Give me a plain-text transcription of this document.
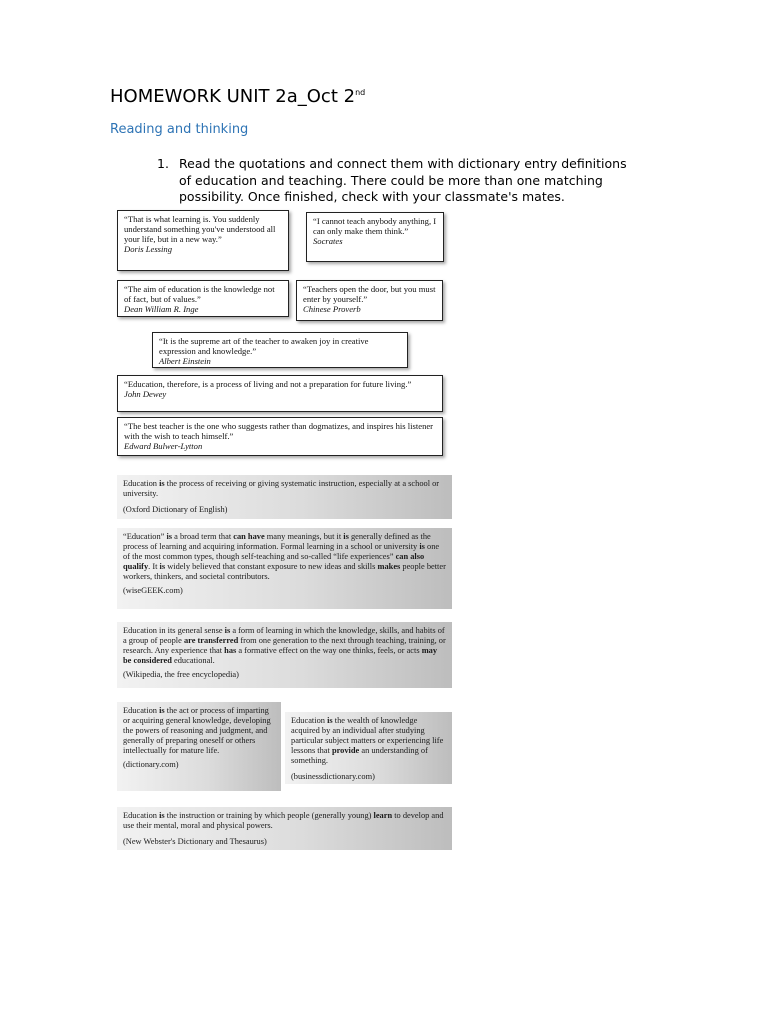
HOMEWORK UNIT 2a_Oct 2nd
Reading and thinking
1. Read the quotations and connect them with dictionary entry definitions of education and teaching. There could be more than one matching possibility. Once finished, check with your classmate's mates.
“That is what learning is. You suddenly understand something you've understood all your life, but in a new way.”
Doris Lessing
“I cannot teach anybody anything, I can only make them think.”
Socrates
“The aim of education is the knowledge not of fact, but of values.”
Dean William R. Inge
“Teachers open the door, but you must enter by yourself.”
Chinese Proverb
“It is the supreme art of the teacher to awaken joy in creative expression and knowledge.”
Albert Einstein
“Education, therefore, is a process of living and not a preparation for future living.”
John Dewey
“The best teacher is the one who suggests rather than dogmatizes, and inspires his listener with the wish to teach himself.”
Edward Bulwer-Lytton

Education is the process of receiving or giving systematic instruction, especially at a school or university.

(Oxford Dictionary of English)

“Education” is a broad term that can have many meanings, but it is generally defined as the process of learning and acquiring information. Formal learning in a school or university is one of the most common types, though self-teaching and so-called “life experiences” can also qualify. It is widely believed that constant exposure to new ideas and skills makes people better workers, thinkers, and societal contributors.

(wiseGEEK.com)

Education in its general sense is a form of learning in which the knowledge, skills, and habits of a group of people are transferred from one generation to the next through teaching, training, or research. Any experience that has a formative effect on the way one thinks, feels, or acts may be considered educational.

(Wikipedia, the free encyclopedia)

Education is the act or process of imparting or acquiring general knowledge, developing the powers of reasoning and judgment, and generally of preparing oneself or others intellectually for mature life.

(dictionary.com)

Education is the wealth of knowledge acquired by an individual after studying particular subject matters or experiencing life lessons that provide an understanding of something.

(businessdictionary.com)

Education is the instruction or training by which people (generally young) learn to develop and use their mental, moral and physical powers.

(New Webster's Dictionary and Thesaurus)
